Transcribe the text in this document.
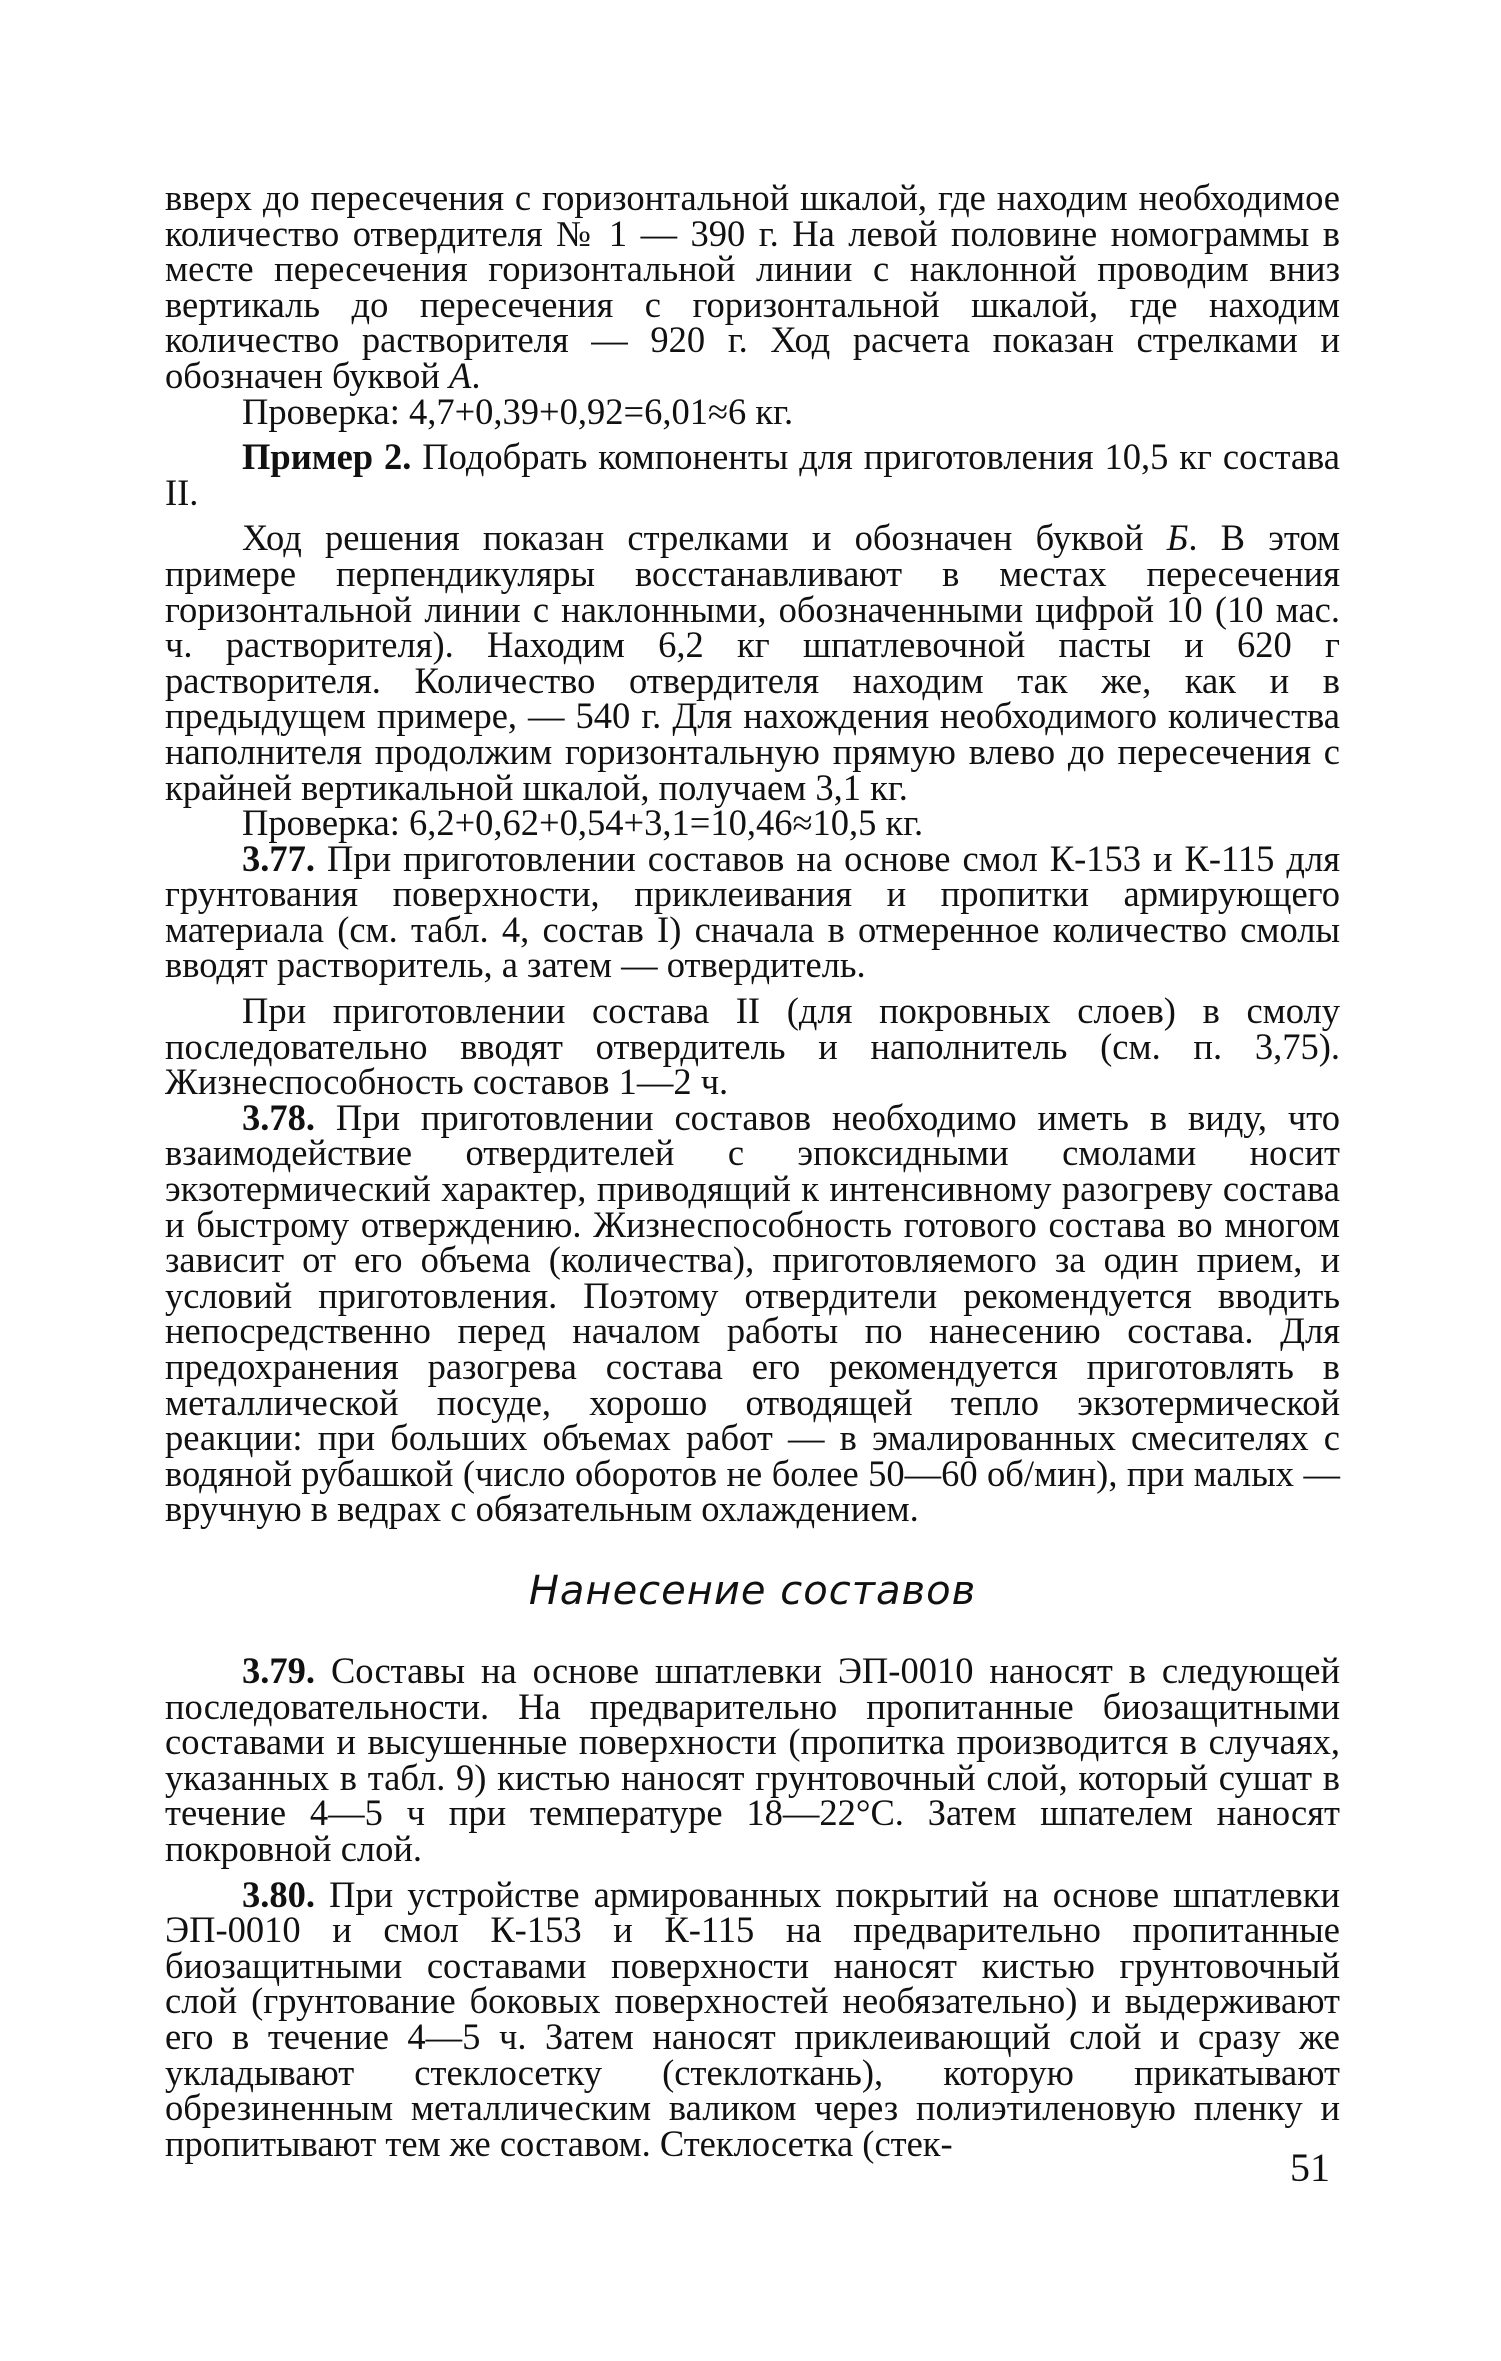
вверх до пересечения с горизонтальной шкалой, где находим необходимое количество отвердителя № 1 — 390 г. На левой половине номограммы в месте пересечения горизонтальной линии с наклонной проводим вниз вертикаль до пересечения с горизонтальной шкалой, где находим количество растворителя — 920 г. Ход расчета показан стрелками и обозначен буквой А.

Проверка: 4,7+0,39+0,92=6,01≈6 кг.

Пример 2. Подобрать компоненты для приготовления 10,5 кг состава II.

Ход решения показан стрелками и обозначен буквой Б. В этом примере перпендикуляры восстанавливают в местах пересечения горизонтальной линии с наклонными, обозначенными цифрой 10 (10 мас. ч. растворителя). Находим 6,2 кг шпатлевочной пасты и 620 г растворителя. Количество отвердителя находим так же, как и в предыдущем примере, — 540 г. Для нахождения необходимого количества наполнителя продолжим горизонтальную прямую влево до пересечения с крайней вертикальной шкалой, получаем 3,1 кг.

Проверка: 6,2+0,62+0,54+3,1=10,46≈10,5 кг.

3.77. При приготовлении составов на основе смол К-153 и К-115 для грунтования поверхности, приклеивания и пропитки армирующего материала (см. табл. 4, состав I) сначала в отмеренное количество смолы вводят растворитель, а затем — отвердитель.

При приготовлении состава II (для покровных слоев) в смолу последовательно вводят отвердитель и наполнитель (см. п. 3,75). Жизнеспособность составов 1—2 ч.

3.78. При приготовлении составов необходимо иметь в виду, что взаимодействие отвердителей с эпоксидными смолами носит экзотермический характер, приводящий к интенсивному разогреву состава и быстрому отверждению. Жизнеспособность готового состава во многом зависит от его объема (количества), приготовляемого за один прием, и условий приготовления. Поэтому отвердители рекомендуется вводить непосредственно перед началом работы по нанесению состава. Для предохранения разогрева состава его рекомендуется приготовлять в металлической посуде, хорошо отводящей тепло экзотермической реакции: при больших объемах работ — в эмалированных смесителях с водяной рубашкой (число оборотов не более 50—60 об/мин), при малых — вручную в ведрах с обязательным охлаждением.

Нанесение составов

3.79. Составы на основе шпатлевки ЭП-0010 наносят в следующей последовательности. На предварительно пропитанные биозащитными составами и высушенные поверхности (пропитка производится в случаях, указанных в табл. 9) кистью наносят грунтовочный слой, который сушат в течение 4—5 ч при температуре 18—22°С. Затем шпателем наносят покровной слой.

3.80. При устройстве армированных покрытий на основе шпатлевки ЭП-0010 и смол К-153 и К-115 на предварительно пропитанные биозащитными составами поверхности наносят кистью грунтовочный слой (грунтование боковых поверхностей необязательно) и выдерживают его в течение 4—5 ч. Затем наносят приклеивающий слой и сразу же укладывают стеклосетку (стеклоткань), которую прикатывают обрезиненным металлическим валиком через полиэтиленовую пленку и пропитывают тем же составом. Стеклосетка (стек-

51
